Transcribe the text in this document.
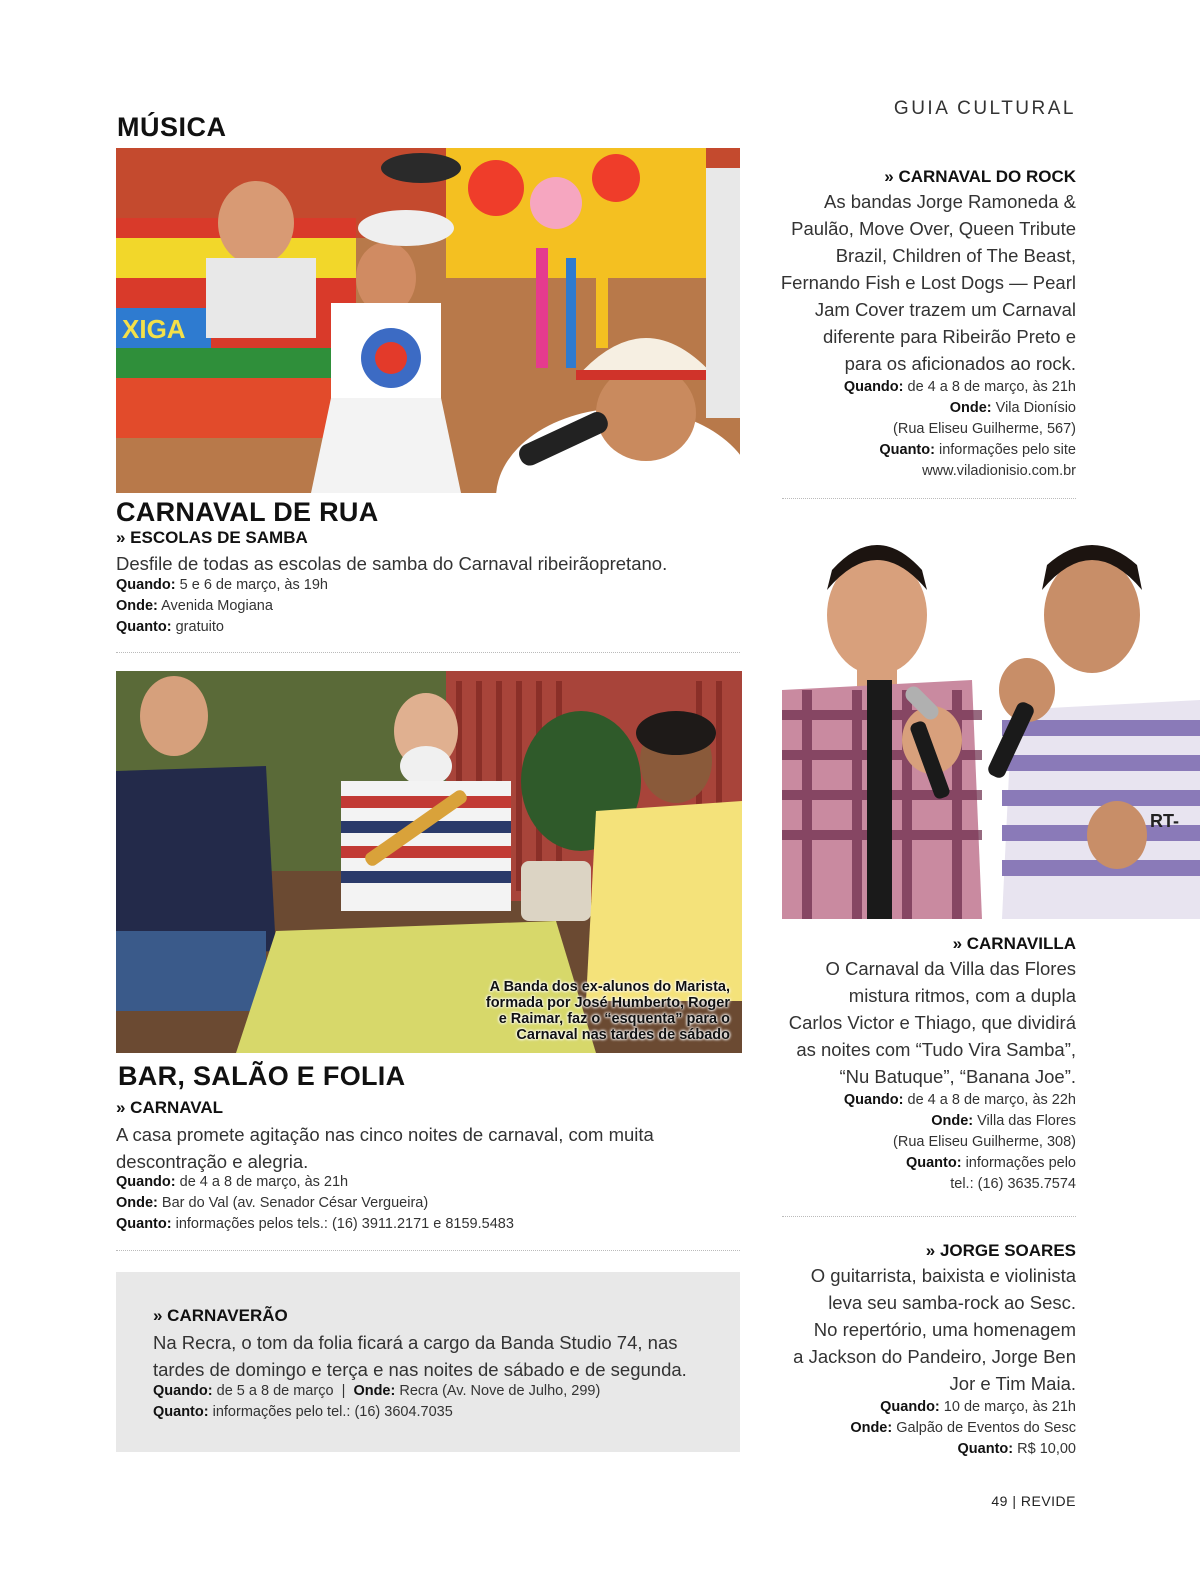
MÚSICA
GUIA CULTURAL
XIGA
CARNAVAL DE RUA
» ESCOLAS DE SAMBA
Desfile de todas as escolas de samba do Carnaval ribeirãopretano.
Quando: 5 e 6 de março, às 19h
Onde: Avenida Mogiana
Quanto: gratuito
A Banda dos ex-alunos do Marista,
formada por José Humberto, Roger
e Raimar, faz o “esquenta” para o
Carnaval nas tardes de sábado
BAR, SALÃO E FOLIA
» CARNAVAL
A casa promete agitação nas cinco noites de carnaval, com muita
descontração e alegria.
Quando: de 4 a 8 de março, às 21h
Onde: Bar do Val (av. Senador César Vergueira)
Quanto: informações pelos tels.: (16) 3911.2171 e 8159.5483
» CARNAVERÃO
Na Recra, o tom da folia ficará a cargo da Banda Studio 74, nas
tardes de domingo e terça e nas noites de sábado e de segunda.
Quando: de 5 a 8 de março | Onde: Recra (Av. Nove de Julho, 299)
Quanto: informações pelo tel.: (16) 3604.7035
» CARNAVAL DO ROCK
As bandas Jorge Ramoneda &
Paulão, Move Over, Queen Tribute
Brazil, Children of The Beast,
Fernando Fish e Lost Dogs — Pearl
Jam Cover trazem um Carnaval
diferente para Ribeirão Preto e
para os aficionados ao rock.
Quando: de 4 a 8 de março, às 21h
Onde: Vila Dionísio
(Rua Eliseu Guilherme, 567)
Quanto: informações pelo site
www.viladionisio.com.br
RT-
» CARNAVILLA
O Carnaval da Villa das Flores
mistura ritmos, com a dupla
Carlos Victor e Thiago, que dividirá
as noites com “Tudo Vira Samba”,
“Nu Batuque”, “Banana Joe”.
Quando: de 4 a 8 de março, às 22h
Onde: Villa das Flores
(Rua Eliseu Guilherme, 308)
Quanto: informações pelo
tel.: (16) 3635.7574
» JORGE SOARES
O guitarrista, baixista e violinista
leva seu samba-rock ao Sesc.
No repertório, uma homenagem
a Jackson do Pandeiro, Jorge Ben
Jor e Tim Maia.
Quando: 10 de março, às 21h
Onde: Galpão de Eventos do Sesc
Quanto: R$ 10,00
49 | REVIDE
